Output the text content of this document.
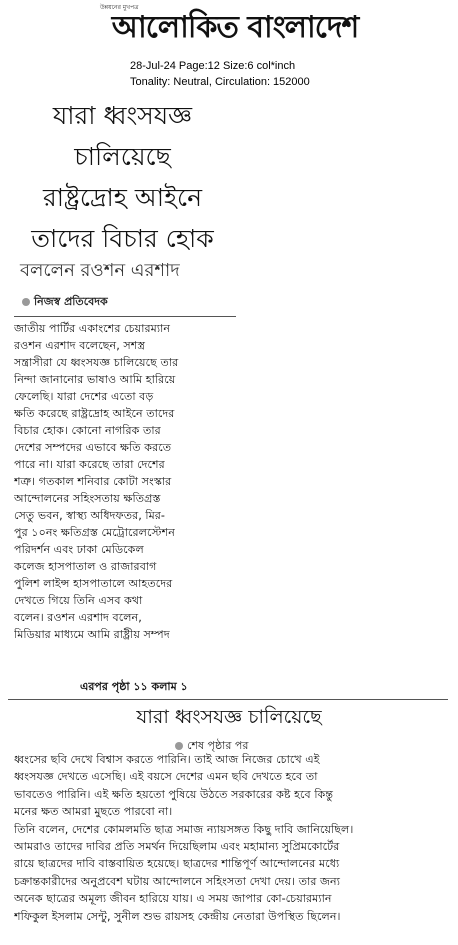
উন্নয়নের মুখপত্র
আলোকিত বাংলাদেশ
28-Jul-24 Page:12 Size:6 col*inch
Tonality: Neutral, Circulation: 152000
যারা ধ্বংসযজ্ঞ
চালিয়েছে
রাষ্ট্রদ্রোহ আইনে
তাদের বিচার হোক
বললেন রওশন এরশাদ
নিজস্ব প্রতিবেদক
জাতীয় পার্টির একাংশের চেয়ারম্যান
রওশন এরশাদ বলেছেন, সশস্ত্র
সন্ত্রাসীরা যে ধ্বংসযজ্ঞ চালিয়েছে তার
নিন্দা জানানোর ভাষাও আমি হারিয়ে
ফেলেছি। যারা দেশের এতো বড়
ক্ষতি করেছে রাষ্ট্রদ্রোহ আইনে তাদের
বিচার হোক। কোনো নাগরিক তার
দেশের সম্পদের এভাবে ক্ষতি করতে
পারে না। যারা করেছে তারা দেশের
শত্রু। গতকাল শনিবার কোটা সংস্কার
আন্দোলনের সহিংসতায় ক্ষতিগ্রস্ত
সেতু ভবন, স্বাস্থ্য অধিদফতর, মির-
পুর ১০নং ক্ষতিগ্রস্ত মেট্রোরেলস্টেশন
পরিদর্শন এবং ঢাকা মেডিকেল
কলেজ হাসপাতাল ও রাজারবাগ
পুলিশ লাইন্স হাসপাতালে আহতদের
দেখতে গিয়ে তিনি এসব কথা
বলেন। রওশন এরশাদ বলেন,
মিডিয়ার মাধ্যমে আমি রাষ্ট্রীয় সম্পদ
এরপর পৃষ্ঠা ১১ কলাম ১
যারা ধ্বংসযজ্ঞ চালিয়েছে
শেষ পৃষ্ঠার পর
ধ্বংসের ছবি দেখে বিশ্বাস করতে পারিনি। তাই আজ নিজের চোখে এই
ধ্বংসযজ্ঞ দেখতে এসেছি। এই বয়সে দেশের এমন ছবি দেখতে হবে তা
ভাবতেও পারিনি। এই ক্ষতি হয়তো পুষিয়ে উঠতে সরকারের কষ্ট হবে কিন্তু
মনের ক্ষত আমরা মুছতে পারবো না।
তিনি বলেন, দেশের কোমলমতি ছাত্র সমাজ ন্যায়সঙ্গত কিছু দাবি জানিয়েছিল।
আমরাও তাদের দাবির প্রতি সমর্থন দিয়েছিলাম এবং মহামান্য সুপ্রিমকোর্টের
রায়ে ছাত্রদের দাবি বাস্তবায়িত হয়েছে। ছাত্রদের শান্তিপূর্ণ আন্দোলনের মধ্যে
চক্রান্তকারীদের অনুপ্রবেশ ঘটায় আন্দোলনে সহিংসতা দেখা দেয়। তার জন্য
অনেক ছাত্রের অমূল্য জীবন হারিয়ে যায়। এ সময় জাপার কো-চেয়ারম্যান
শফিকুল ইসলাম সেন্টু, সুনীল শুভ রায়সহ কেন্দ্রীয় নেতারা উপস্থিত ছিলেন।
